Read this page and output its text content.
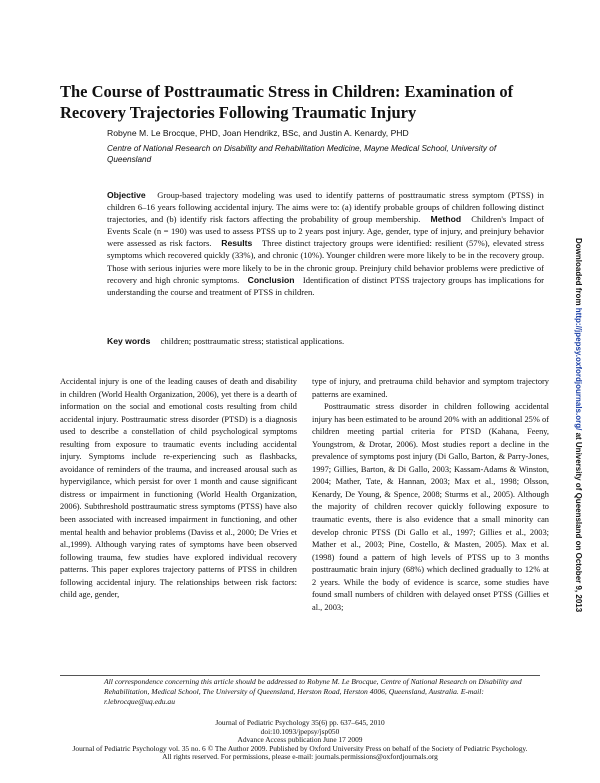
The Course of Posttraumatic Stress in Children: Examination of Recovery Trajectories Following Traumatic Injury
Robyne M. Le Brocque, PHD, Joan Hendrikz, BSc, and Justin A. Kenardy, PHD
Centre of National Research on Disability and Rehabilitation Medicine, Mayne Medical School, University of Queensland

Objective Group-based trajectory modeling was used to identify patterns of posttraumatic stress symptom (PTSS) in children 6–16 years following accidental injury. The aims were to: (a) identify probable groups of children following distinct trajectories, and (b) identify risk factors affecting the probability of group membership. Method Children's Impact of Events Scale (n = 190) was used to assess PTSS up to 2 years post injury. Age, gender, type of injury, and preinjury behavior were assessed as risk factors. Results Three distinct trajectory groups were identified: resilient (57%), elevated stress symptoms which recovered quickly (33%), and chronic (10%). Younger children were more likely to be in the recovery group. Those with serious injuries were more likely to be in the chronic group. Preinjury child behavior problems were predictive of recovery and high chronic symptoms. Conclusion Identification of distinct PTSS trajectory groups has implications for understanding the course and treatment of PTSS in children.

Key words children; posttraumatic stress; statistical applications.

Accidental injury is one of the leading causes of death and disability in children (World Health Organization, 2006), yet there is a dearth of information on the social and emotional costs resulting from child accidental injury. Posttraumatic stress disorder (PTSD) is a diagnosis used to describe a constellation of child psychological symptoms resulting from exposure to traumatic events including accidental injury. Symptoms include re-experiencing such as flashbacks, avoidance of reminders of the trauma, and increased arousal such as hypervigilance, which persist for over 1 month and cause significant distress or impairment in functioning (World Health Organization, 2006). Subthreshold posttraumatic stress symptoms (PTSS) have also been associated with increased impairment in functioning, and other mental health and behavior problems (Daviss et al., 2000; De Vries et al.,1999). Although varying rates of symptoms have been observed following trauma, few studies have explored individual recovery patterns. This paper explores trajectory patterns of PTSS in children following accidental injury. The relationships between risk factors: child age, gender,

type of injury, and pretrauma child behavior and symptom trajectory patterns are examined.
Posttraumatic stress disorder in children following accidental injury has been estimated to be around 20% with an additional 25% of children meeting partial criteria for PTSD (Kahana, Feeny, Youngstrom, & Drotar, 2006). Most studies report a decline in the prevalence of symptoms post injury (Di Gallo, Barton, & Parry-Jones, 1997; Gillies, Barton, & Di Gallo, 2003; Kassam-Adams & Winston, 2004; Mather, Tate, & Hannan, 2003; Max et al., 1998; Olsson, Kenardy, De Young, & Spence, 2008; Sturms et al., 2005). Although the majority of children recover quickly following exposure to traumatic events, there is also evidence that a small minority can develop chronic PTSS (Di Gallo et al., 1997; Gillies et al., 2003; Mather et al., 2003; Pine, Costello, & Masten, 2005). Max et al. (1998) found a pattern of high levels of PTSS up to 3 months posttraumatic brain injury (68%) which declined gradually to 12% at 2 years. While the body of evidence is scarce, some studies have found small numbers of children with delayed onset PTSS (Gillies et al., 2003;

All correspondence concerning this article should be addressed to Robyne M. Le Brocque, Centre of National Research on Disability and Rehabilitation, Medical School, The University of Queensland, Herston Road, Herston 4006, Queensland, Australia. E-mail: r.lebrocque@uq.edu.au

Journal of Pediatric Psychology 35(6) pp. 637–645, 2010
doi:10.1093/jpepsy/jsp050
Advance Access publication June 17 2009
Journal of Pediatric Psychology vol. 35 no. 6 © The Author 2009. Published by Oxford University Press on behalf of the Society of Pediatric Psychology.
All rights reserved. For permissions, please e-mail: journals.permissions@oxfordjournals.org
Downloaded from http://jpepsy.oxfordjournals.org/ at University of Queensland on October 9, 2013
